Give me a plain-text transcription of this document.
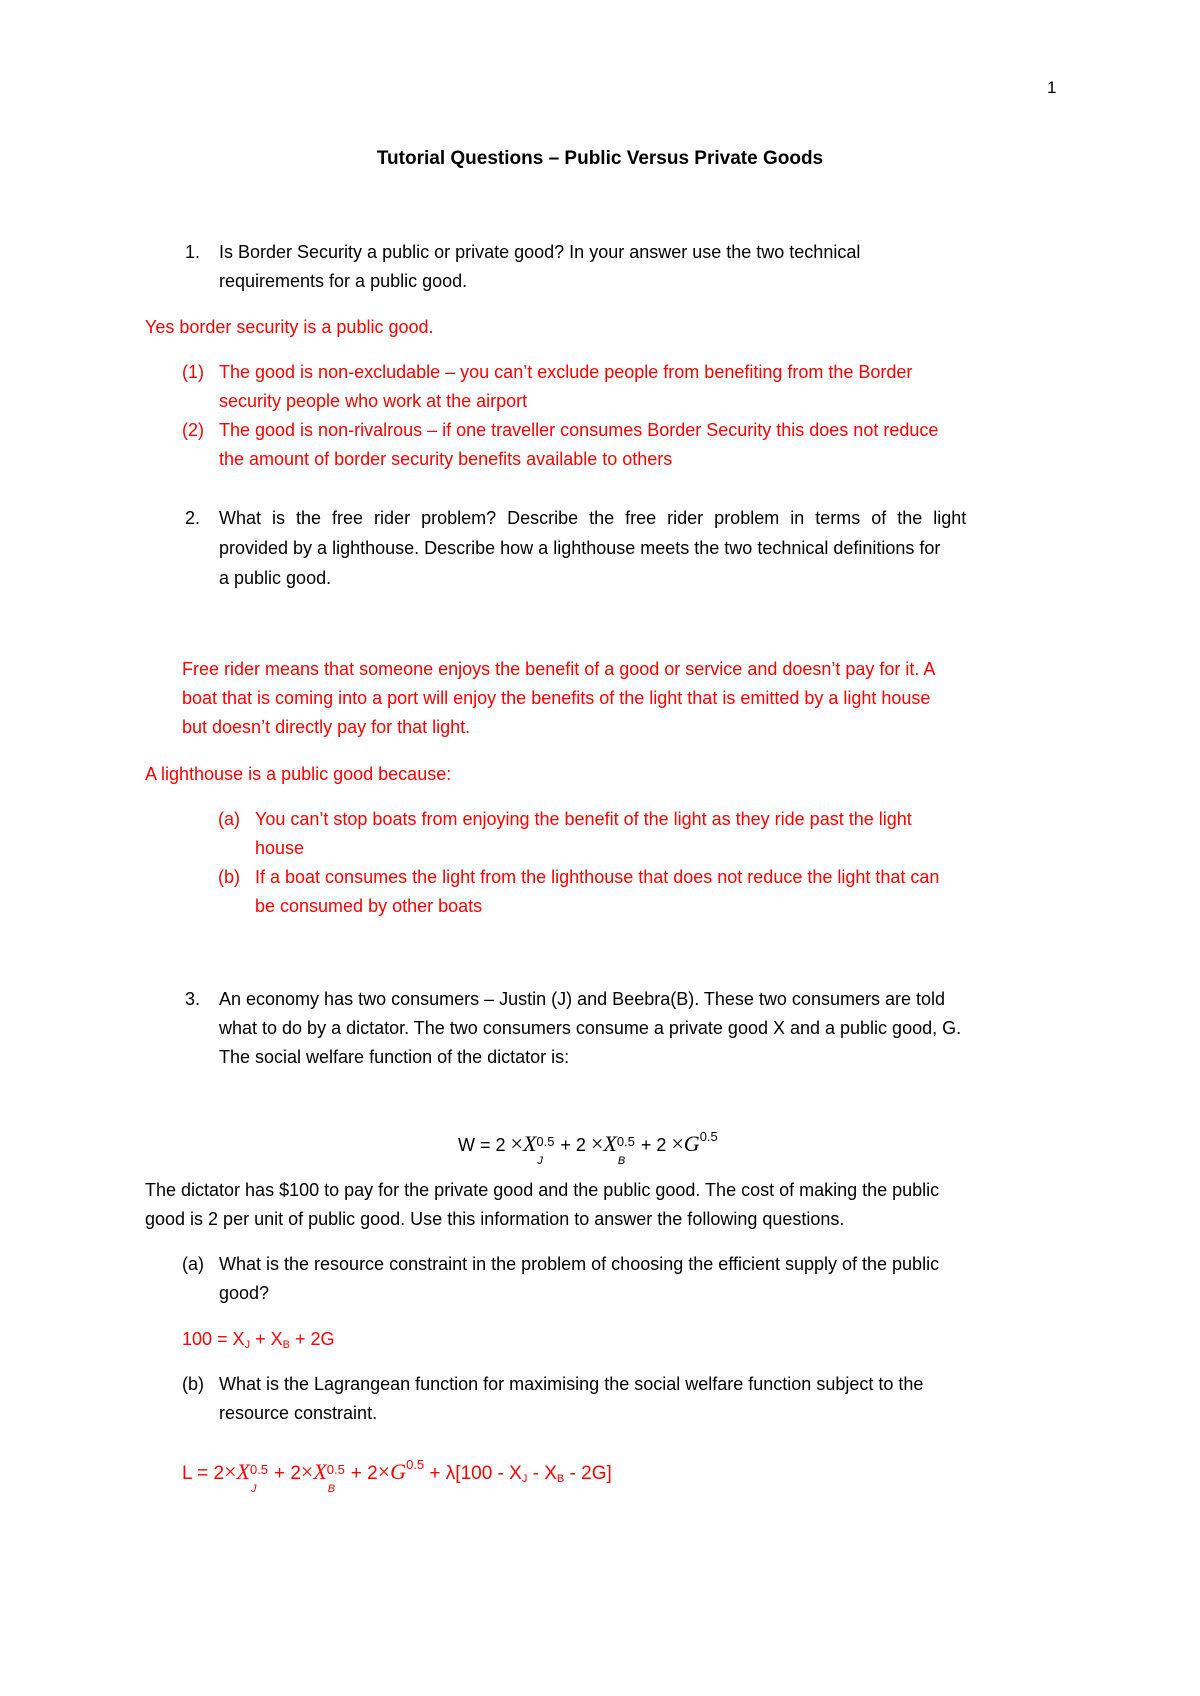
1
Tutorial Questions – Public Versus Private Goods
1. Is Border Security a public or private good? In your answer use the two technical
requirements for a public good.
Yes border security is a public good.
(1) The good is non-excludable – you can’t exclude people from benefiting from the Border
security people who work at the airport
(2) The good is non-rivalrous – if one traveller consumes Border Security this does not reduce
the amount of border security benefits available to others
2. What is the free rider problem? Describe the free rider problem in terms of the light
provided by a lighthouse. Describe how a lighthouse meets the two technical definitions for
a public good.
Free rider means that someone enjoys the benefit of a good or service and doesn’t pay for it. A
boat that is coming into a port will enjoy the benefits of the light that is emitted by a light house
but doesn’t directly pay for that light.
A lighthouse is a public good because:
(a) You can’t stop boats from enjoying the benefit of the light as they ride past the light
house
(b) If a boat consumes the light from the lighthouse that does not reduce the light that can
be consumed by other boats
3. An economy has two consumers – Justin (J) and Beebra(B). These two consumers are told
what to do by a dictator. The two consumers consume a private good X and a public good, G.
The social welfare function of the dictator is:
W = 2 ×X 0.5
J
+ 2 ×X 0.5
B
+ $2 \times G^{0.5}$
The dictator has $100 to pay for the private good and the public good. The cost of making the public
good is 2 per unit of public good. Use this information to answer the following questions.
(a) What is the resource constraint in the problem of choosing the efficient supply of the public
good?
100 = XJ + XB + 2G
(b) What is the Lagrangean function for maximising the social welfare function subject to the
resource constraint.
L = 2×X 0.5
J
+ 2×X 0.5
B
+ $2\times G^{0.5} + \lambda[100$ - XJ - XB - 2G]
